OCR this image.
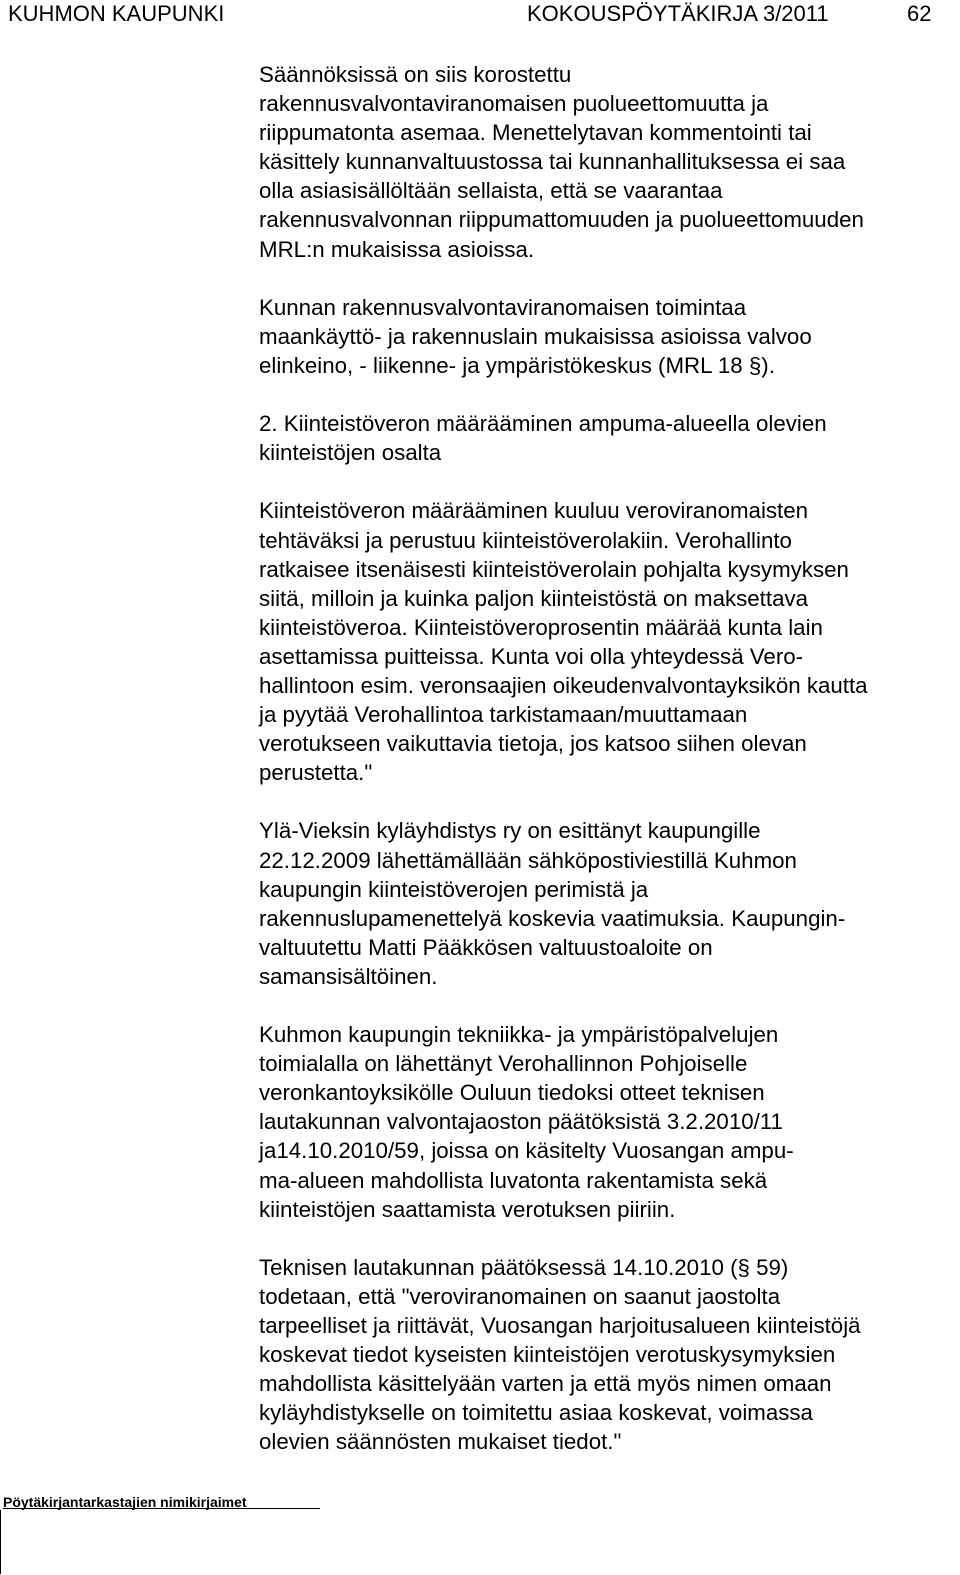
KUHMON KAUPUNKI	KOKOUSPÖYTÄKIRJA 3/2011	62

Säännöksissä on siis korostettu
rakennusvalvontaviranomaisen puolueettomuutta ja
riippumatonta asemaa. Menettelytavan kommentointi tai
käsittely kunnanvaltuustossa tai kunnanhallituksessa ei saa
olla asiasisällöltään sellaista, että se vaarantaa
rakennusvalvonnan riippumattomuuden ja puolueettomuuden
MRL:n mukaisissa asioissa.

Kunnan rakennusvalvontaviranomaisen toimintaa
maankäyttö- ja rakennuslain mukaisissa asioissa valvoo
elinkeino, - liikenne- ja ympäristökeskus (MRL 18 §).

2. Kiinteistöveron määrääminen ampuma-alueella olevien
kiinteistöjen osalta

Kiinteistöveron määrääminen kuuluu veroviranomaisten
tehtäväksi ja perustuu kiinteistöverolakiin. Verohallinto
ratkaisee itsenäisesti kiinteistöverolain pohjalta kysymyksen
siitä, milloin ja kuinka paljon kiinteistöstä on maksettava
kiinteistöveroa. Kiinteistöveroprosentin määrää kunta lain
asettamissa puitteissa. Kunta voi olla yhteydessä Vero-
hallintoon esim. veronsaajien oikeudenvalvontayksikön kautta
ja pyytää Verohallintoa tarkistamaan/muuttamaan
verotukseen vaikuttavia tietoja, jos katsoo siihen olevan
perustetta."

Ylä-Vieksin kyläyhdistys ry on esittänyt kaupungille
22.12.2009 lähettämällään sähköpostiviestillä Kuhmon
kaupungin kiinteistöverojen perimistä ja
rakennuslupamenettelyä koskevia vaatimuksia. Kaupungin-
valtuutettu Matti Pääkkösen valtuustoaloite on
samansisältöinen.

Kuhmon kaupungin tekniikka- ja ympäristöpalvelujen
toimialalla on lähettänyt Verohallinnon Pohjoiselle
veronkantoyksikölle Ouluun tiedoksi otteet teknisen
lautakunnan valvontajaoston päätöksistä 3.2.2010/11
ja14.10.2010/59, joissa on käsitelty Vuosangan ampu-
ma-alueen mahdollista luvatonta rakentamista sekä
kiinteistöjen saattamista verotuksen piiriin.

Teknisen lautakunnan päätöksessä 14.10.2010 (§ 59)
todetaan, että "veroviranomainen on saanut jaostolta
tarpeelliset ja riittävät, Vuosangan harjoitusalueen kiinteistöjä
koskevat tiedot kyseisten kiinteistöjen verotuskysymyksien
mahdollista käsittelyään varten ja että myös nimen omaan
kyläyhdistykselle on toimitettu asiaa koskevat, voimassa
olevien säännösten mukaiset tiedot."

Pöytäkirjantarkastajien nimikirjaimet
